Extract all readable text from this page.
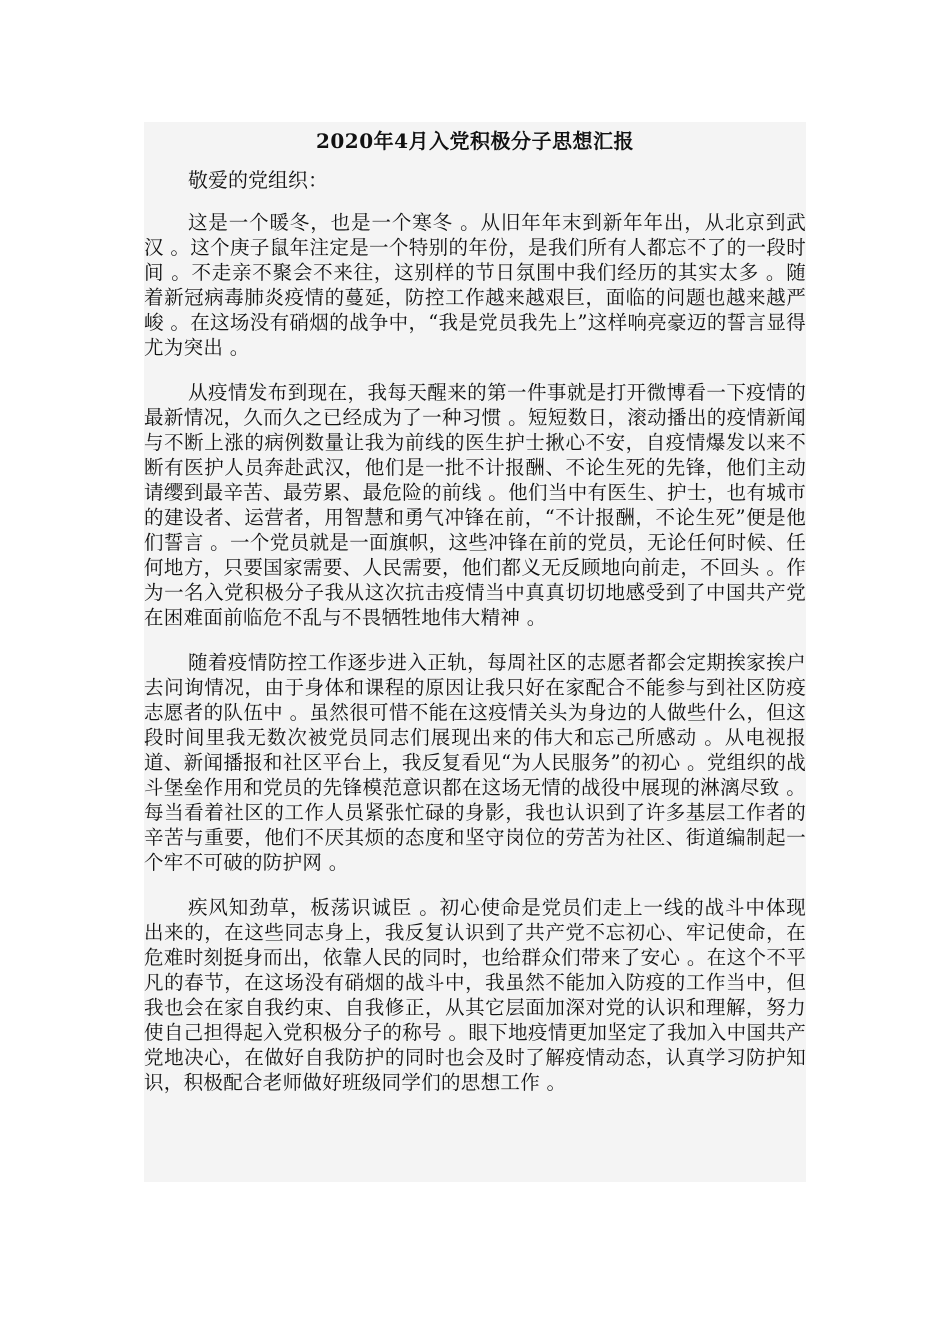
2020年4月入党积极分子思想汇报

敬爱的党组织：

这是一个暖冬，也是一个寒冬 。从旧年年末到新年年出，从北京到武汉 。这个庚子鼠年注定是一个特别的年份，是我们所有人都忘不了的一段时间 。不走亲不聚会不来往，这别样的节日氛围中我们经历的其实太多 。随着新冠病毒肺炎疫情的蔓延，防控工作越来越艰巨，面临的问题也越来越严峻 。在这场没有硝烟的战争中，“我是党员我先上”这样响亮豪迈的誓言显得尤为突出 。

从疫情发布到现在，我每天醒来的第一件事就是打开微博看一下疫情的最新情况，久而久之已经成为了一种习惯 。短短数日，滚动播出的疫情新闻与不断上涨的病例数量让我为前线的医生护士揪心不安，自疫情爆发以来不断有医护人员奔赴武汉，他们是一批不计报酬、不论生死的先锋，他们主动请缨到最辛苦、最劳累、最危险的前线 。他们当中有医生、护士，也有城市的建设者、运营者，用智慧和勇气冲锋在前，“不计报酬，不论生死”便是他们誓言 。一个党员就是一面旗帜，这些冲锋在前的党员，无论任何时候、任何地方，只要国家需要、人民需要，他们都义无反顾地向前走，不回头 。作为一名入党积极分子我从这次抗击疫情当中真真切切地感受到了中国共产党在困难面前临危不乱与不畏牺牲地伟大精神 。

随着疫情防控工作逐步进入正轨，每周社区的志愿者都会定期挨家挨户去问询情况，由于身体和课程的原因让我只好在家配合不能参与到社区防疫志愿者的队伍中 。虽然很可惜不能在这疫情关头为身边的人做些什么，但这段时间里我无数次被党员同志们展现出来的伟大和忘己所感动 。从电视报道、新闻播报和社区平台上，我反复看见“为人民服务”的初心 。党组织的战斗堡垒作用和党员的先锋模范意识都在这场无情的战役中展现的淋漓尽致 。每当看着社区的工作人员紧张忙碌的身影，我也认识到了许多基层工作者的辛苦与重要，他们不厌其烦的态度和坚守岗位的劳苦为社区、街道编制起一个牢不可破的防护网 。

疾风知劲草，板荡识诚臣 。初心使命是党员们走上一线的战斗中体现出来的，在这些同志身上，我反复认识到了共产党不忘初心、牢记使命，在危难时刻挺身而出，依靠人民的同时，也给群众们带来了安心 。在这个不平凡的春节，在这场没有硝烟的战斗中，我虽然不能加入防疫的工作当中，但我也会在家自我约束、自我修正，从其它层面加深对党的认识和理解，努力使自己担得起入党积极分子的称号 。眼下地疫情更加坚定了我加入中国共产党地决心，在做好自我防护的同时也会及时了解疫情动态，认真学习防护知识，积极配合老师做好班级同学们的思想工作 。
